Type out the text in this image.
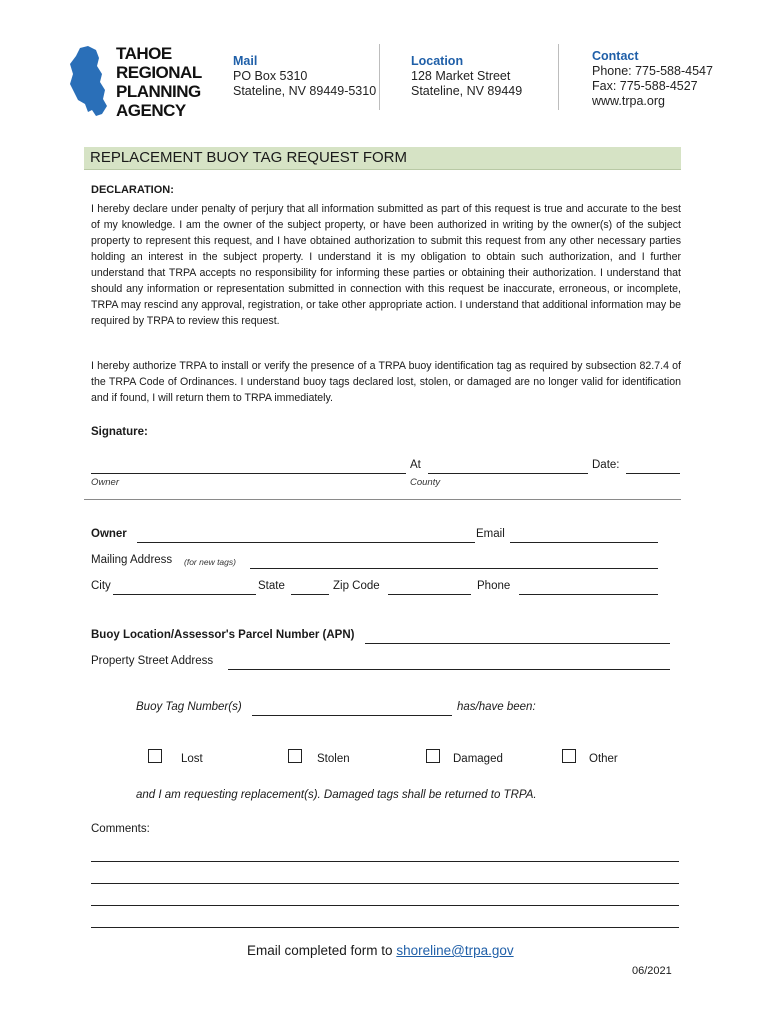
TAHOE
REGIONAL
PLANNING
AGENCY
Mail
PO Box 5310
Stateline, NV 89449-5310
Location
128 Market Street
Stateline, NV 89449
Contact
Phone: 775-588-4547
Fax: 775-588-4527
www.trpa.org
REPLACEMENT BUOY TAG REQUEST FORM
DECLARATION:
I hereby declare under penalty of perjury that all information submitted as part of this request is true and accurate to the best of my knowledge. I am the owner of the subject property, or have been authorized in writing by the owner(s) of the subject property to represent this request, and I have obtained authorization to submit this request from any other necessary parties holding an interest in the subject property. I understand it is my obligation to obtain such authorization, and I further understand that TRPA accepts no responsibility for informing these parties or obtaining their authorization. I understand that should any information or representation submitted in connection with this request be inaccurate, erroneous, or incomplete, TRPA may rescind any approval, registration, or take other appropriate action. I understand that additional information may be required by TRPA to review this request.
I hereby authorize TRPA to install or verify the presence of a TRPA buoy identification tag as required by subsection 82.7.4 of the TRPA Code of Ordinances. I understand buoy tags declared lost, stolen, or damaged are no longer valid for identification and if found, I will return them to TRPA immediately.
Signature:
At	Date:
Owner	County
Owner	Email
Mailing Address (for new tags)
City	State	Zip Code	Phone
Buoy Location/Assessor's Parcel Number (APN)
Property Street Address
Buoy Tag Number(s)	has/have been:
Lost	Stolen	Damaged	Other
and I am requesting replacement(s). Damaged tags shall be returned to TRPA.
Comments:
Email completed form to shoreline@trpa.gov
06/2021
